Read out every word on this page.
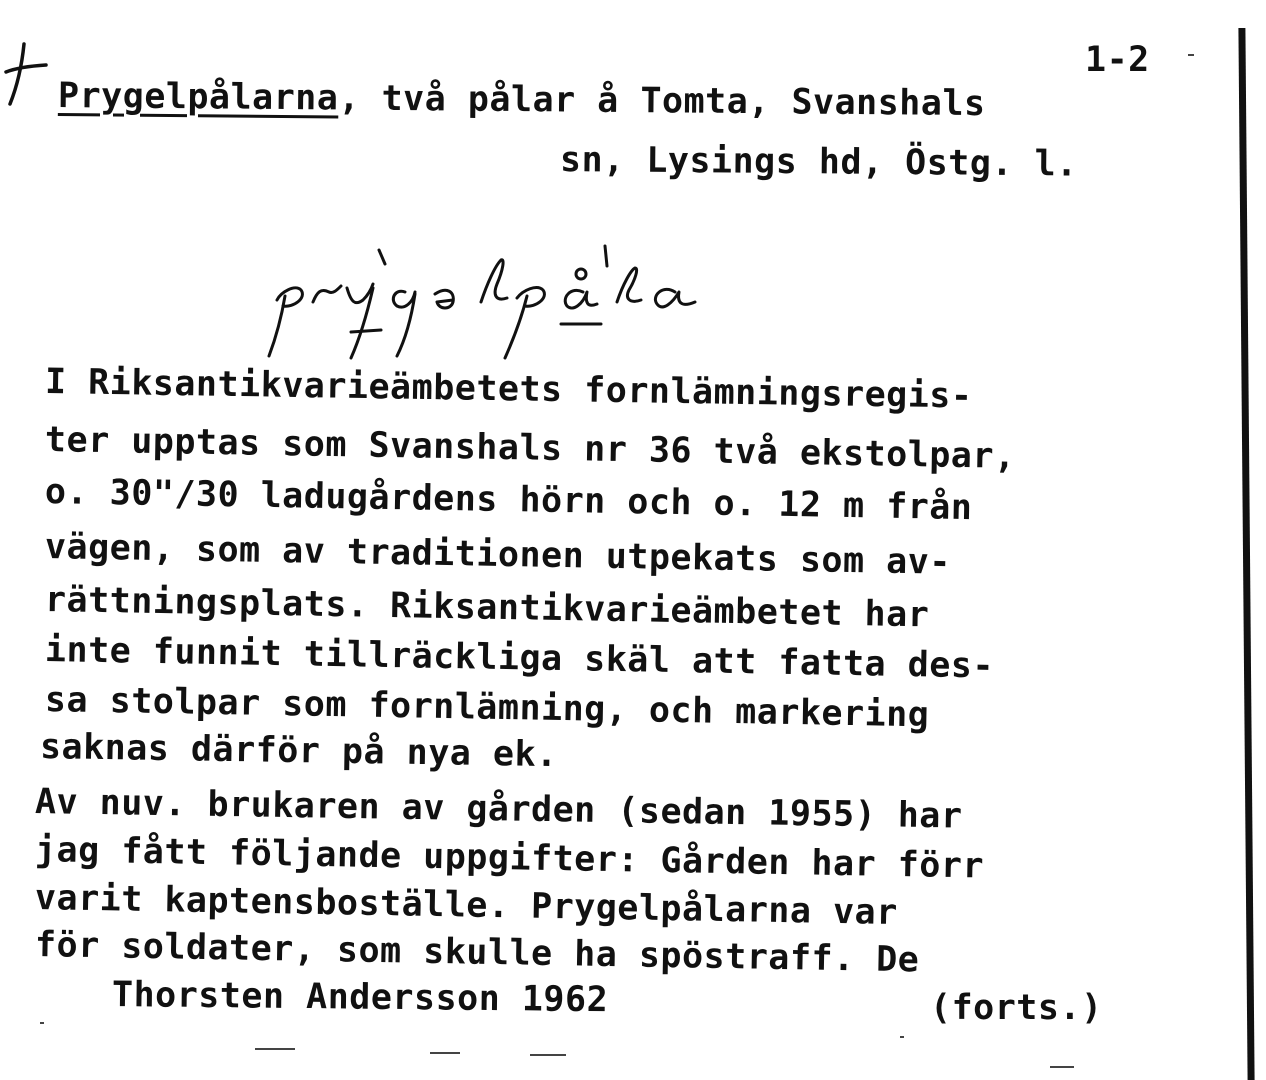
1-2
Prygelpålarna, två pålar å Tomta, Svanshals
sn, Lysings hd, Östg. l.
I Riksantikvarieämbetets fornlämningsregis-
ter upptas som Svanshals nr 36 två ekstolpar,
o. 30"/30 ladugårdens hörn och o. 12 m från
vägen, som av traditionen utpekats som av-
rättningsplats. Riksantikvarieämbetet har
inte funnit tillräckliga skäl att fatta des-
sa stolpar som fornlämning, och markering
saknas därför på nya ek.
Av nuv. brukaren av gården (sedan 1955) har
jag fått följande uppgifter: Gården har förr
varit kaptensboställe. Prygelpålarna var
för soldater, som skulle ha spöstraff. De
Thorsten Andersson 1962	(forts.)
